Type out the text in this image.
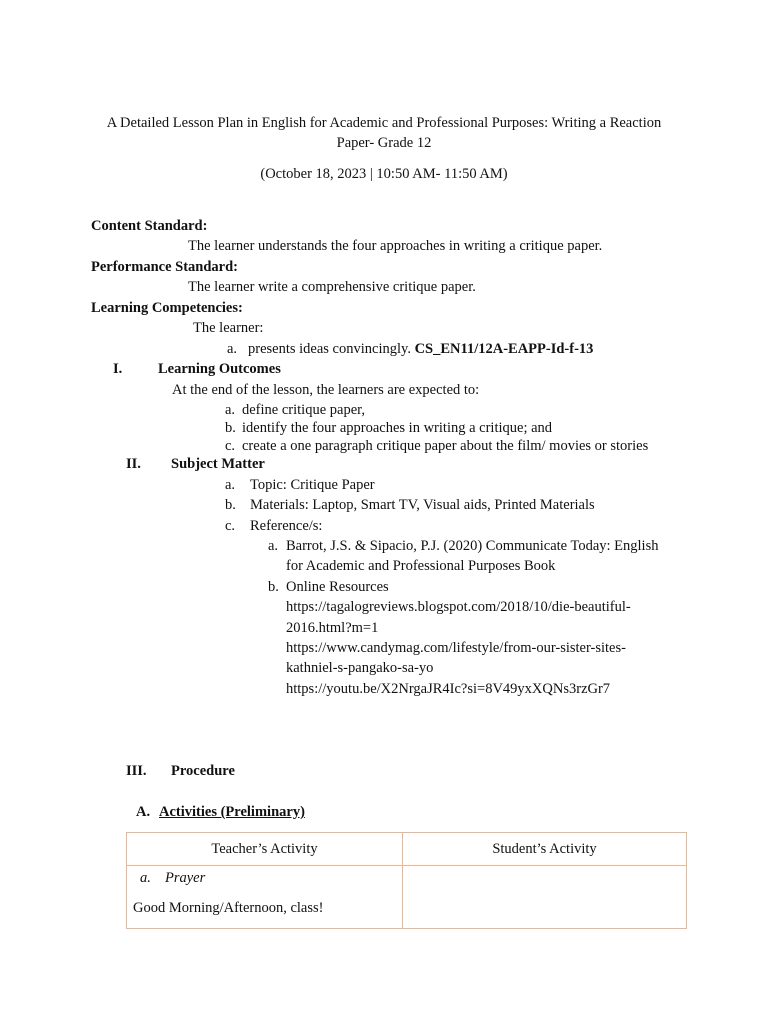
A Detailed Lesson Plan in English for Academic and Professional Purposes: Writing a Reaction
Paper- Grade 12
(October 18, 2023 | 10:50 AM- 11:50 AM)
Content Standard:
The learner understands the four approaches in writing a critique paper.
Performance Standard:
The learner write a comprehensive critique paper.
Learning Competencies:
The learner:
a. presents ideas convincingly. CS_EN11/12A-EAPP-Id-f-13
I. Learning Outcomes
At the end of the lesson, the learners are expected to:
a. define critique paper,
b. identify the four approaches in writing a critique; and
c. create a one paragraph critique paper about the film/ movies or stories
II. Subject Matter
a. Topic: Critique Paper
b. Materials: Laptop, Smart TV, Visual aids, Printed Materials
c. Reference/s:
a. Barrot, J.S. & Sipacio, P.J. (2020) Communicate Today: English
for Academic and Professional Purposes Book
b. Online Resources
https://tagalogreviews.blogspot.com/2018/10/die-beautiful-
2016.html?m=1
https://www.candymag.com/lifestyle/from-our-sister-sites-
kathniel-s-pangako-sa-yo
https://youtu.be/X2NrgaJR4Ic?si=8V49yxXQNs3rzGr7
III. Procedure
A. Activities (Preliminary)
Teacher’s Activity	Student’s Activity

a. Prayer
Good Morning/Afternoon, class!	
